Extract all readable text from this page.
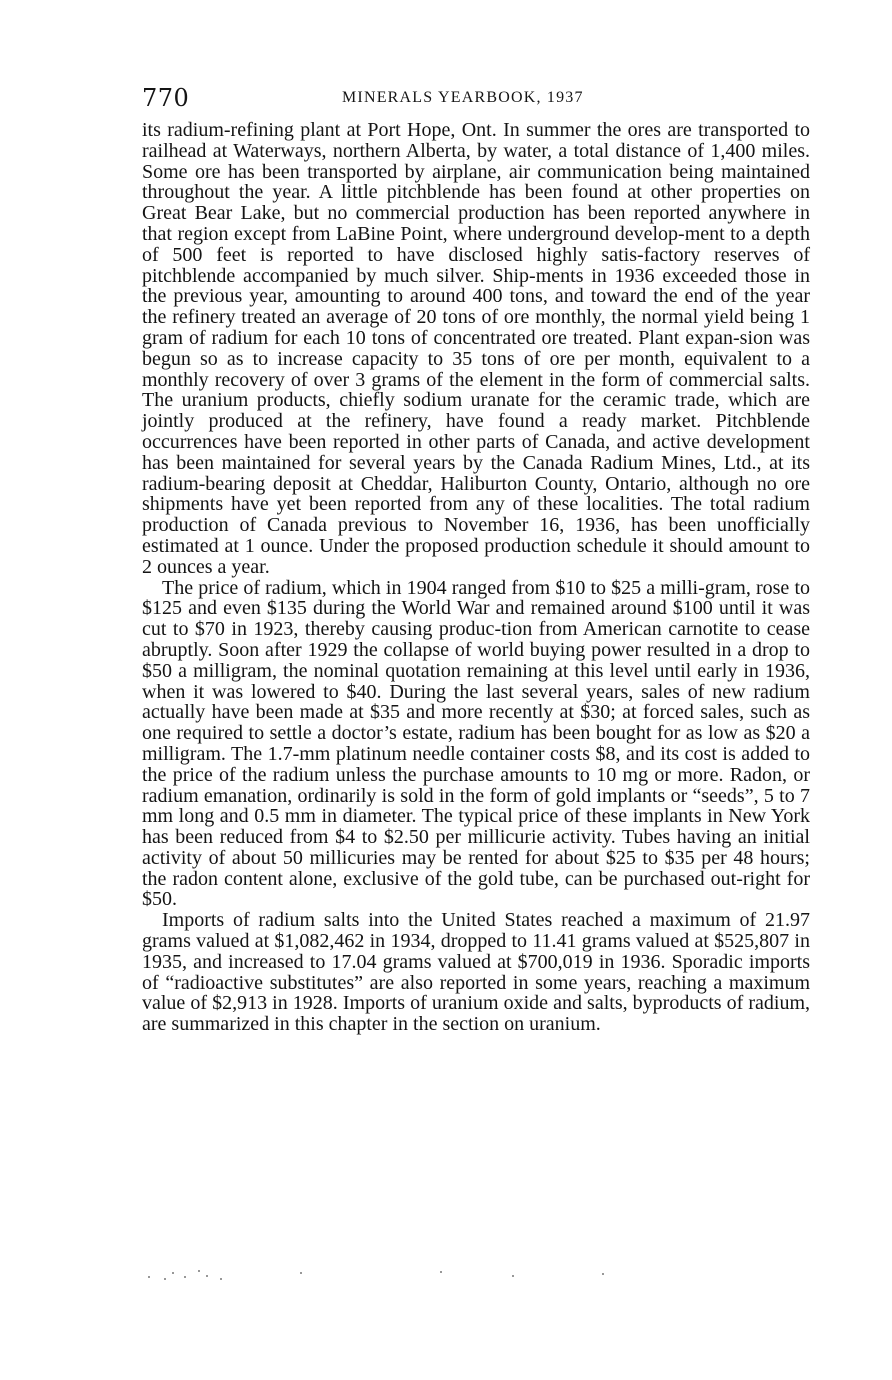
770	MINERALS YEARBOOK, 1937

its radium-refining plant at Port Hope, Ont. In summer the ores are transported to railhead at Waterways, northern Alberta, by water, a total distance of 1,400 miles. Some ore has been transported by airplane, air communication being maintained throughout the year. A little pitchblende has been found at other properties on Great Bear Lake, but no commercial production has been reported anywhere in that region except from LaBine Point, where underground develop-ment to a depth of 500 feet is reported to have disclosed highly satis-factory reserves of pitchblende accompanied by much silver. Ship-ments in 1936 exceeded those in the previous year, amounting to around 400 tons, and toward the end of the year the refinery treated an average of 20 tons of ore monthly, the normal yield being 1 gram of radium for each 10 tons of concentrated ore treated. Plant expan-sion was begun so as to increase capacity to 35 tons of ore per month, equivalent to a monthly recovery of over 3 grams of the element in the form of commercial salts. The uranium products, chiefly sodium uranate for the ceramic trade, which are jointly produced at the refinery, have found a ready market. Pitchblende occurrences have been reported in other parts of Canada, and active development has been maintained for several years by the Canada Radium Mines, Ltd., at its radium-bearing deposit at Cheddar, Haliburton County, Ontario, although no ore shipments have yet been reported from any of these localities. The total radium production of Canada previous to November 16, 1936, has been unofficially estimated at 1 ounce. Under the proposed production schedule it should amount to 2 ounces a year.

The price of radium, which in 1904 ranged from $10 to $25 a milli-gram, rose to $125 and even $135 during the World War and remained around $100 until it was cut to $70 in 1923, thereby causing produc-tion from American carnotite to cease abruptly. Soon after 1929 the collapse of world buying power resulted in a drop to $50 a milligram, the nominal quotation remaining at this level until early in 1936, when it was lowered to $40. During the last several years, sales of new radium actually have been made at $35 and more recently at $30; at forced sales, such as one required to settle a doctor’s estate, radium has been bought for as low as $20 a milligram. The 1.7-mm platinum needle container costs $8, and its cost is added to the price of the radium unless the purchase amounts to 10 mg or more. Radon, or radium emanation, ordinarily is sold in the form of gold implants or “seeds”, 5 to 7 mm long and 0.5 mm in diameter. The typical price of these implants in New York has been reduced from $4 to $2.50 per millicurie activity. Tubes having an initial activity of about 50 millicuries may be rented for about $25 to $35 per 48 hours; the radon content alone, exclusive of the gold tube, can be purchased out-right for $50.

Imports of radium salts into the United States reached a maximum of 21.97 grams valued at $1,082,462 in 1934, dropped to 11.41 grams valued at $525,807 in 1935, and increased to 17.04 grams valued at $700,019 in 1936. Sporadic imports of “radioactive substitutes” are also reported in some years, reaching a maximum value of $2,913 in 1928. Imports of uranium oxide and salts, byproducts of radium, are summarized in this chapter in the section on uranium.
